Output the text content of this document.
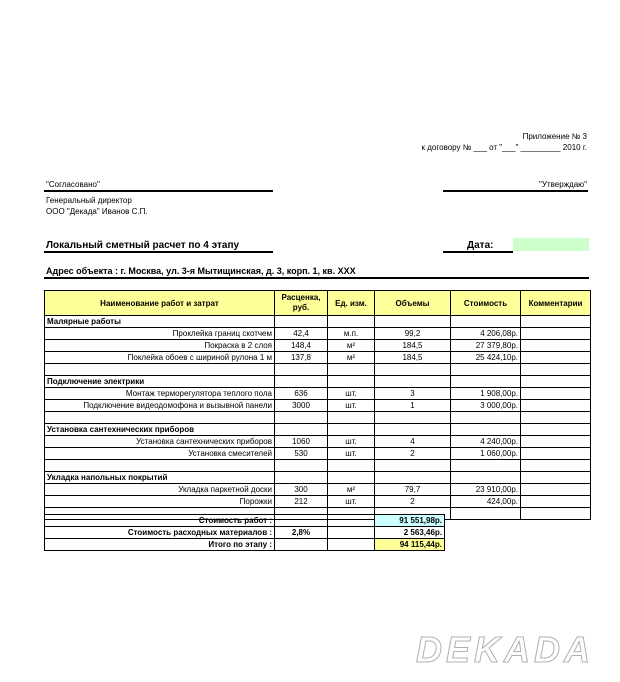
Приложение № 3
к договору № ___ от "___" _________ 2010 г.
"Согласовано"	"Утверждаю"
Генеральный директор
ООО "Декада" Иванов С.П.
Локальный сметный расчет по 4 этапу	Дата:
Адрес объекта : г. Москва, ул. 3-я Мытищинская, д. 3, корп. 1, кв. ХХХ
Наименование работ и затрат	Расценка, руб.	Ед. изм.	Объемы	Стоимость	Комментарии
Малярные работы					
Проклейка границ скотчем	42,4	м.п.	99,2	4 206,08р.	
Покраска в 2 слоя	148,4	м²	184,5	27 379,80р.	
Поклейка обоев с шириной рулона 1 м	137,8	м²	184,5	25 424,10р.	

Подключение электрики					
Монтаж терморегулятора теплого пола	636	шт.	3	1 908,00р.	
Подключение видеодомофона и вызывной панели	3000	шт.	1	3 000,00р.	

Установка сантехнических приборов					
Установка сантехнических приборов	1060	шт.	4	4 240,00р.	
Установка смесителей	530	шт.	2	1 060,00р.	

Укладка напольных покрытий					
Укладка паркетной доски	300	м²	79,7	23 910,00р.	
Порожки	212	шт.	2	424,00р.	

Стоимость работ :			91 551,98р.
Стоимость расходных материалов :	2,8%		2 563,46р.
Итого по этапу :			94 115,44р.
DEKADA
